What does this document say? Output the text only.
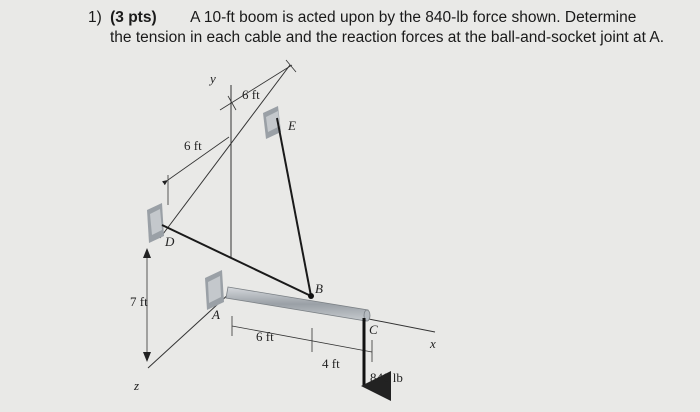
1) (3 pts) A 10-ft boom is acted upon by the 840-lb force shown. Determine
the tension in each cable and the reaction forces at the ball-and-socket joint at A.
y
x
z
E
D
A
B
C
6 ft
6 ft
7 ft
6 ft
4 ft
840 lb
